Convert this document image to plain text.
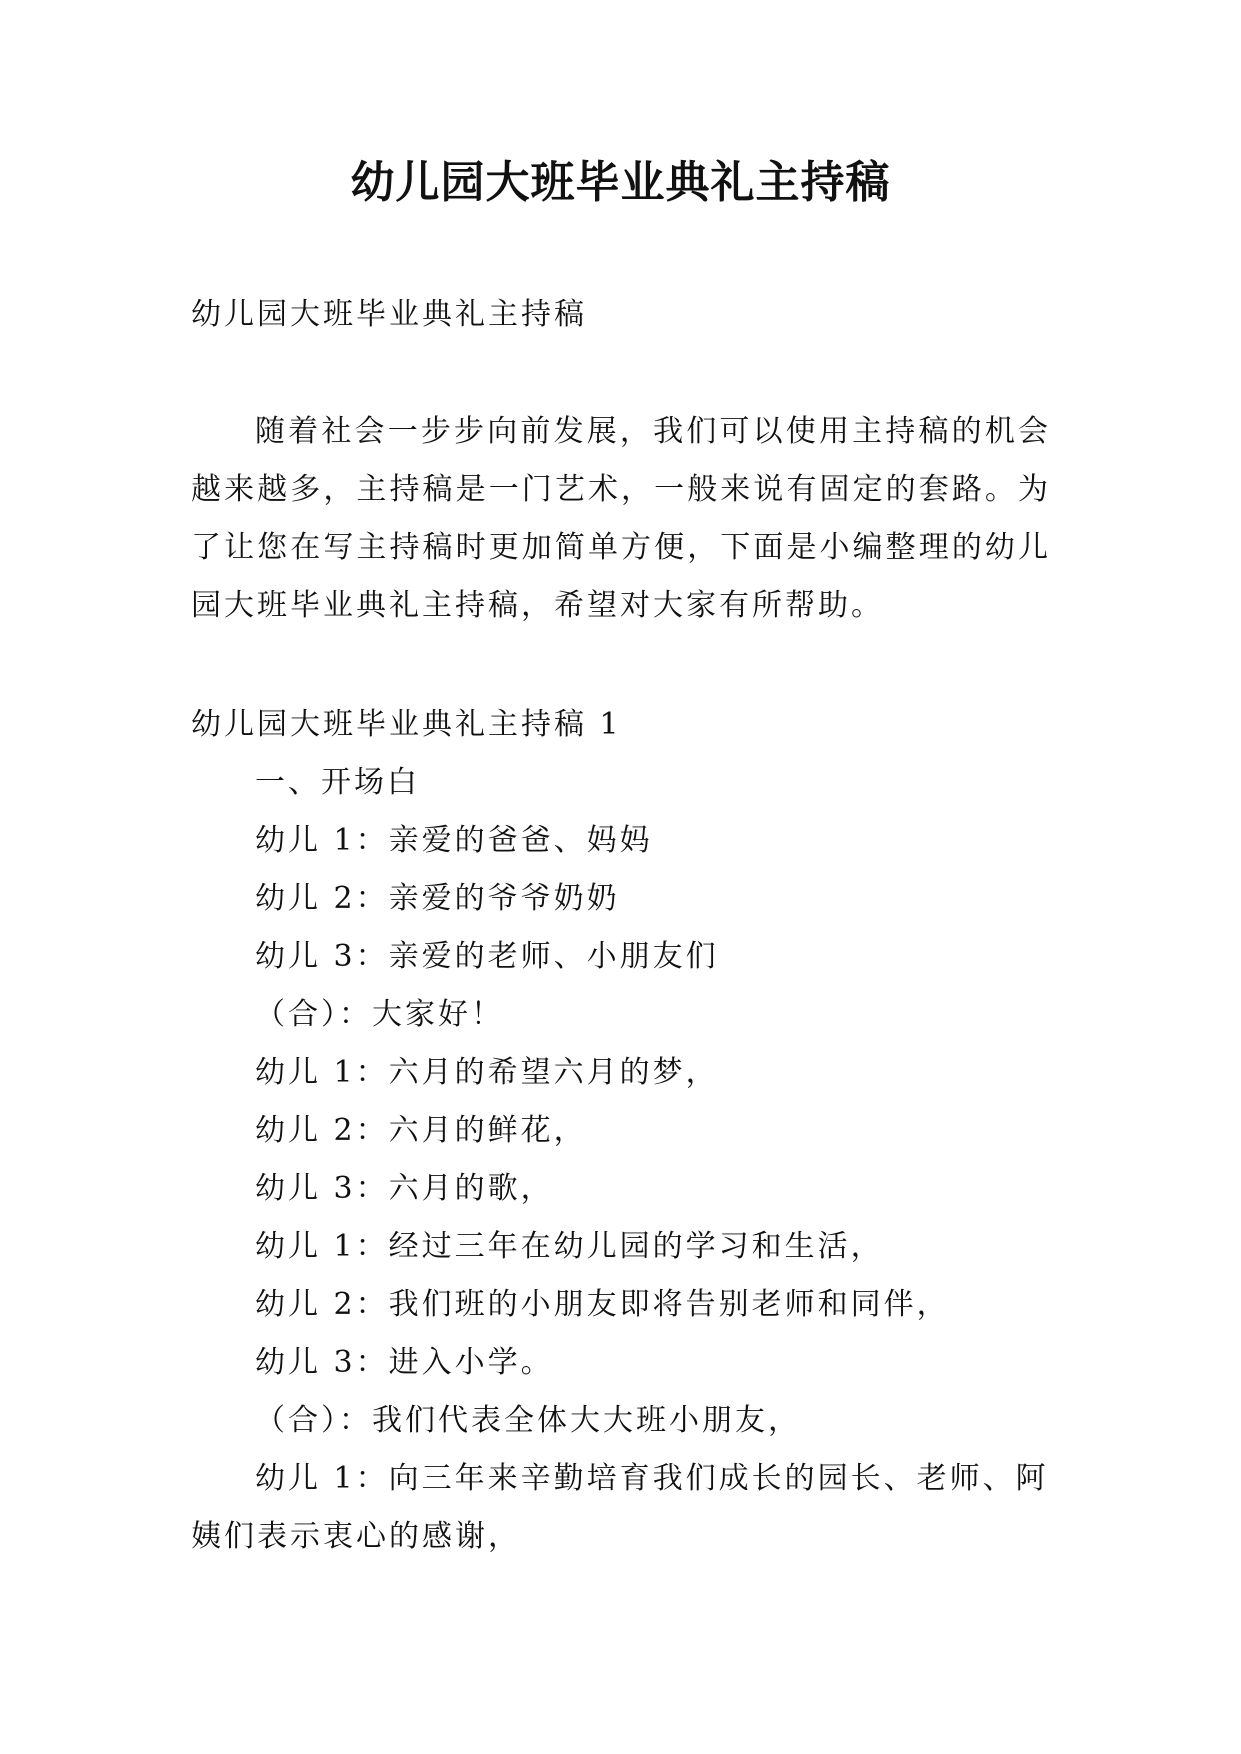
幼儿园大班毕业典礼主持稿
幼儿园大班毕业典礼主持稿
随着社会一步步向前发展，我们可以使用主持稿的机会越来越多，主持稿是一门艺术，一般来说有固定的套路。为了让您在写主持稿时更加简单方便，下面是小编整理的幼儿园大班毕业典礼主持稿，希望对大家有所帮助。

幼儿园大班毕业典礼主持稿 1

一、开场白

幼儿 1：亲爱的爸爸、妈妈

幼儿 2：亲爱的爷爷奶奶

幼儿 3：亲爱的老师、小朋友们

（合）：大家好！

幼儿 1：六月的希望六月的梦，

幼儿 2：六月的鲜花，

幼儿 3：六月的歌，

幼儿 1：经过三年在幼儿园的学习和生活，

幼儿 2：我们班的小朋友即将告别老师和同伴，

幼儿 3：进入小学。

（合）：我们代表全体大大班小朋友，

幼儿 1：向三年来辛勤培育我们成长的园长、老师、阿姨们表示衷心的感谢，
